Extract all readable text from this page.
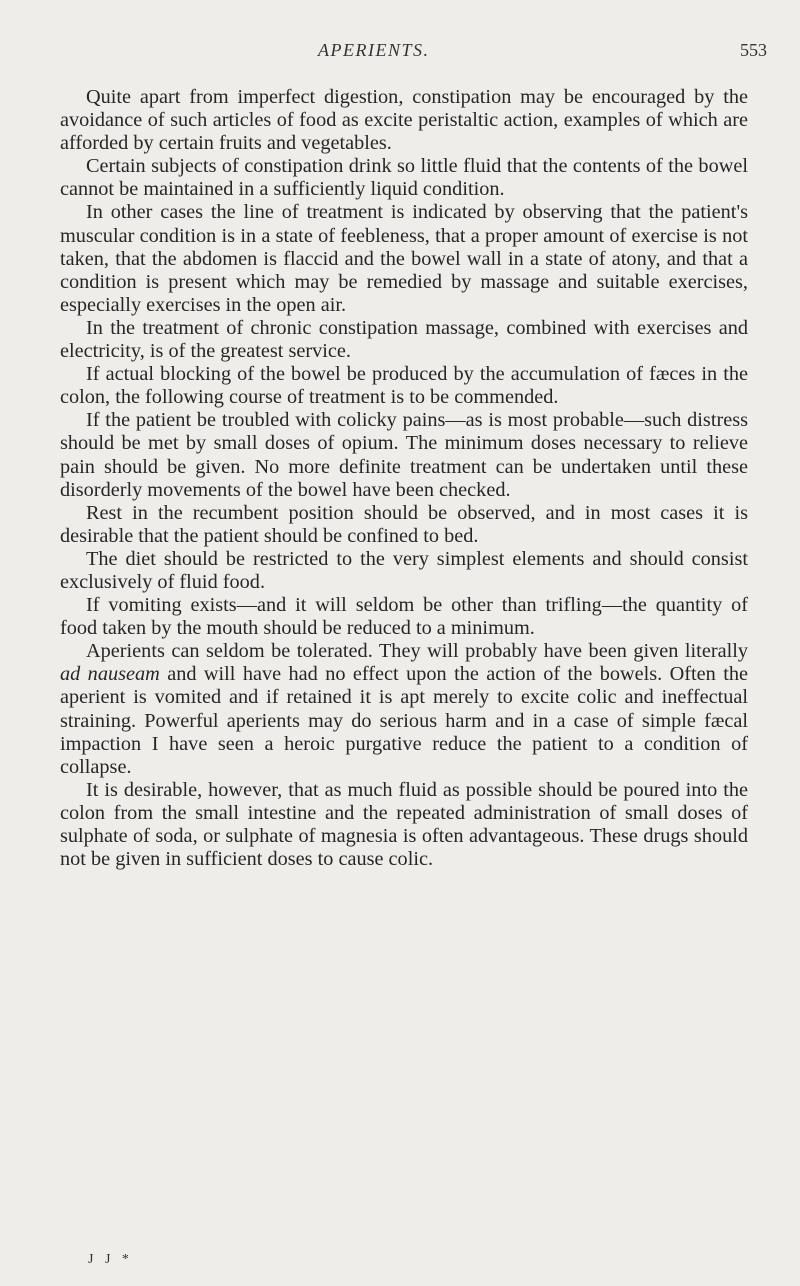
APERIENTS.	553

Quite apart from imperfect digestion, constipation may be encouraged by the avoidance of such articles of food as excite peristaltic action, examples of which are afforded by certain fruits and vegetables.

Certain subjects of constipation drink so little fluid that the contents of the bowel cannot be maintained in a sufficiently liquid condition.

In other cases the line of treatment is indicated by observing that the patient's muscular condition is in a state of feebleness, that a proper amount of exercise is not taken, that the abdomen is flaccid and the bowel wall in a state of atony, and that a condition is present which may be remedied by massage and suitable exercises, especially exercises in the open air.

In the treatment of chronic constipation massage, combined with exercises and electricity, is of the greatest service.

If actual blocking of the bowel be produced by the accumulation of fæces in the colon, the following course of treatment is to be commended.

If the patient be troubled with colicky pains—as is most probable—such distress should be met by small doses of opium. The minimum doses necessary to relieve pain should be given. No more definite treatment can be undertaken until these disorderly movements of the bowel have been checked.

Rest in the recumbent position should be observed, and in most cases it is desirable that the patient should be confined to bed.

The diet should be restricted to the very simplest elements and should consist exclusively of fluid food.

If vomiting exists—and it will seldom be other than trifling—the quantity of food taken by the mouth should be reduced to a minimum.

Aperients can seldom be tolerated. They will probably have been given literally ad nauseam and will have had no effect upon the action of the bowels. Often the aperient is vomited and if retained it is apt merely to excite colic and ineffectual straining. Powerful aperients may do serious harm and in a case of simple fæcal impaction I have seen a heroic purgative reduce the patient to a condition of collapse.

It is desirable, however, that as much fluid as possible should be poured into the colon from the small intestine and the repeated administration of small doses of sulphate of soda, or sulphate of magnesia is often advantageous. These drugs should not be given in sufficient doses to cause colic.

J J *
